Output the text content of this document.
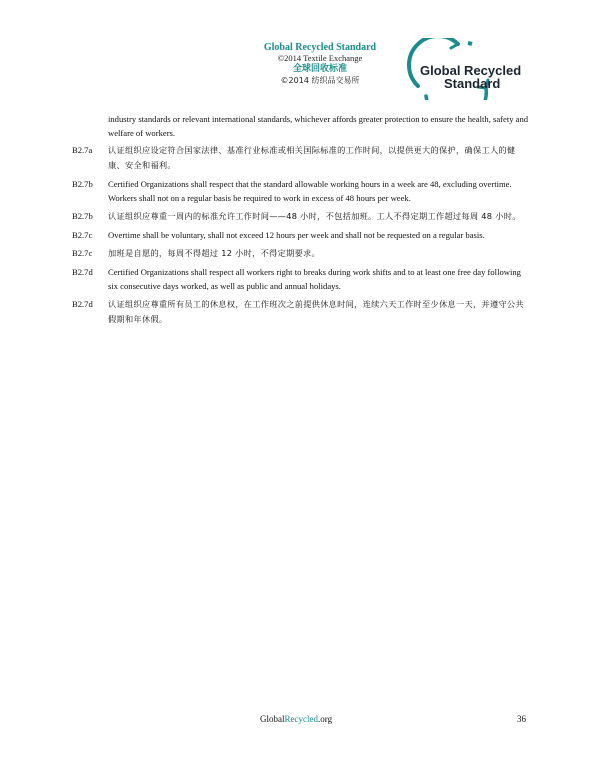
Global Recycled Standard
©2014 Textile Exchange
全球回收标准
©2014 纺织品交易所
Global Recycled
Standard
industry standards or relevant international standards, whichever affords greater protection to ensure the health, safety and welfare of workers.
B2.7a	认证组织应设定符合国家法律、基准行业标准或相关国际标准的工作时间，以提供更大的保护，确保工人的健康、安全和福利。
B2.7b	Certified Organizations shall respect that the standard allowable working hours in a week are 48, excluding overtime. Workers shall not on a regular basis be required to work in excess of 48 hours per week.
B2.7b	认证组织应尊重一周内的标准允许工作时间——48 小时，不包括加班。工人不得定期工作超过每周 48 小时。
B2.7c	Overtime shall be voluntary, shall not exceed 12 hours per week and shall not be requested on a regular basis.
B2.7c	加班是自愿的，每周不得超过 12 小时，不得定期要求。
B2.7d	Certified Organizations shall respect all workers right to breaks during work shifts and to at least one free day following six consecutive days worked, as well as public and annual holidays.
B2.7d	认证组织应尊重所有员工的休息权，在工作班次之前提供休息时间，连续六天工作时至少休息一天，并遵守公共假期和年休假。
GlobalRecycled.org	36
